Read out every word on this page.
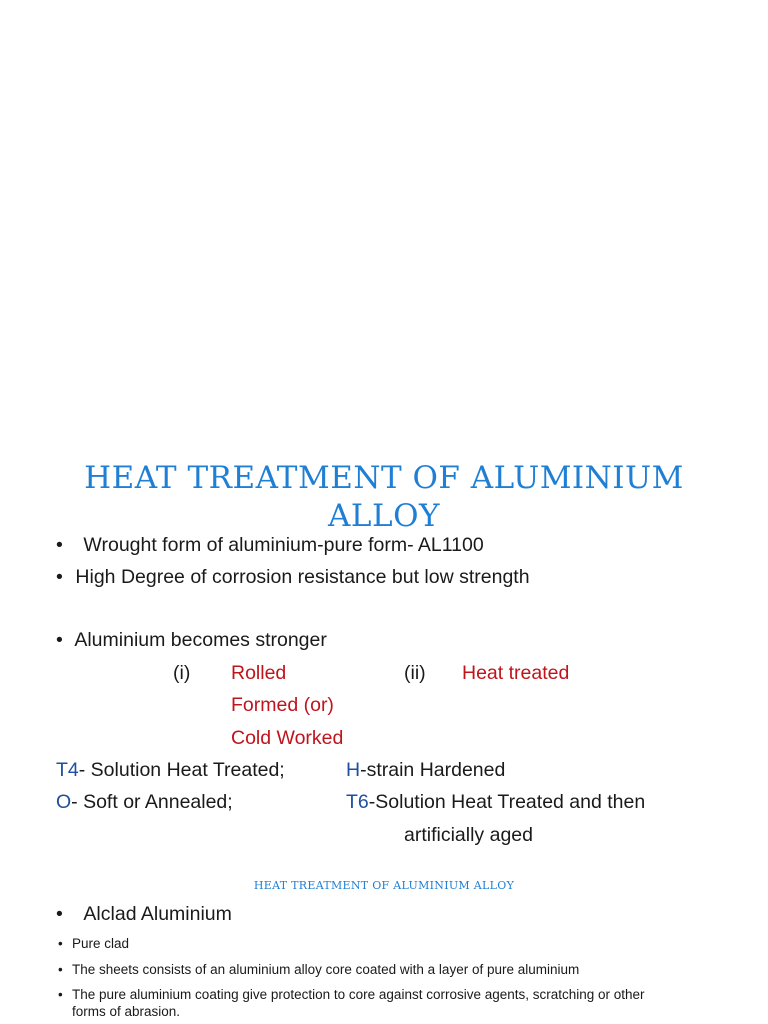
HEAT TREATMENT OF ALUMINIUM
ALLOY
• Wrought form of aluminium-pure form- AL1100
• High Degree of corrosion resistance but low strength
• Aluminium becomes stronger
(i) Rolled	(ii) Heat treated
Formed (or)
Cold Worked
T4- Solution Heat Treated;	H-strain Hardened
O- Soft or Annealed;	T6-Solution Heat Treated and then
artificially aged
HEAT TREATMENT OF ALUMINIUM ALLOY
• Alclad Aluminium
• Pure clad
• The sheets consists of an aluminium alloy core coated with a layer of pure aluminium
• The pure aluminium coating give protection to core against corrosive agents, scratching or other
forms of abrasion.
